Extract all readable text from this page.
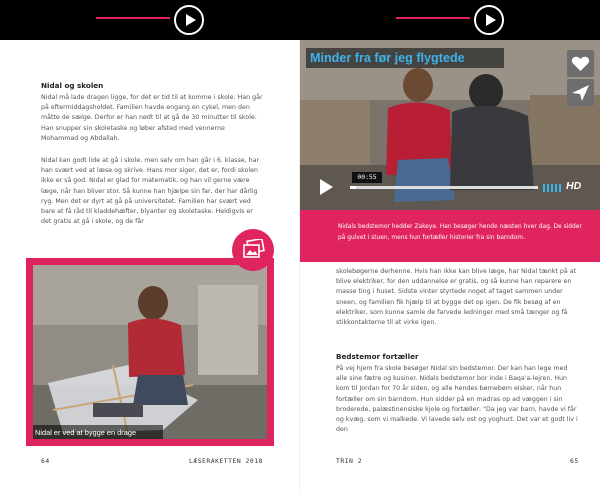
Nidal og skolen
Nidal må lade dragen ligge, for det er tid til at komme i skole. Han går på eftermiddagsholdet. Familien havde engang en cykel, men den måtte de sælge. Derfor er han nødt til at gå de 30 minutter til skole. Han snupper sin skoletaske og løber afsted med vennerne Mohammad og Abdallah.
Nidal kan godt lide at gå i skole, men selv om han går i 6. klasse, har han svært ved at læse og skrive. Hans mor siger, det er, fordi skolen ikke er så god. Nidal er glad for matematik, og han vil gerne være læge, når han bliver stor. Så kunne han hjælpe sin far, der har dårlig ryg. Men det er dyrt at gå på universitetet. Familien har svært ved bare at få råd til kladdehæfter, blyanter og skoletaske. Heldigvis er det gratis at gå i skole, og de får
Nidal er ved at bygge en drage
64	LÆSERAKETTEN 2018
Minder fra før jeg flygtede
00:55
HD
Nidals bedstemor hedder Zakeye. Han besøger hende næsten hver dag. De sidder på gulvet i stuen, mens hun fortæller historier fra sin barndom.
skolebøgerne derhenne. Hvis han ikke kan blive læge, har Nidal tænkt på at blive elektriker, for den uddannelse er gratis, og så kunne han reparere en masse ting i huset. Sidste vinter styrtede noget af taget sammen under sneen, og familien fik hjælp til at bygge det op igen. De fik besøg af en elektriker, som kunne samle de farvede ledninger med små tænger og få stikkontakterne til at virke igen.
Bedstemor fortæller
På vej hjem fra skole besøger Nidal sin bedstemor. Der kan han lege med alle sine fætre og kusiner. Nidals bedstemor bor inde i Baqa'a-lejren. Hun kom til Jordan for 70 år siden, og alle hendes børnebørn elsker, når hun fortæller om sin barndom. Hun sidder på en madras op ad væggen i sin broderede, palæstinensiske kjole og fortæller: "Da jeg var barn, havde vi får og kvæg, som vi malkede. Vi lavede selv ost og yoghurt. Det var et godt liv i den
TRIN 2	65
